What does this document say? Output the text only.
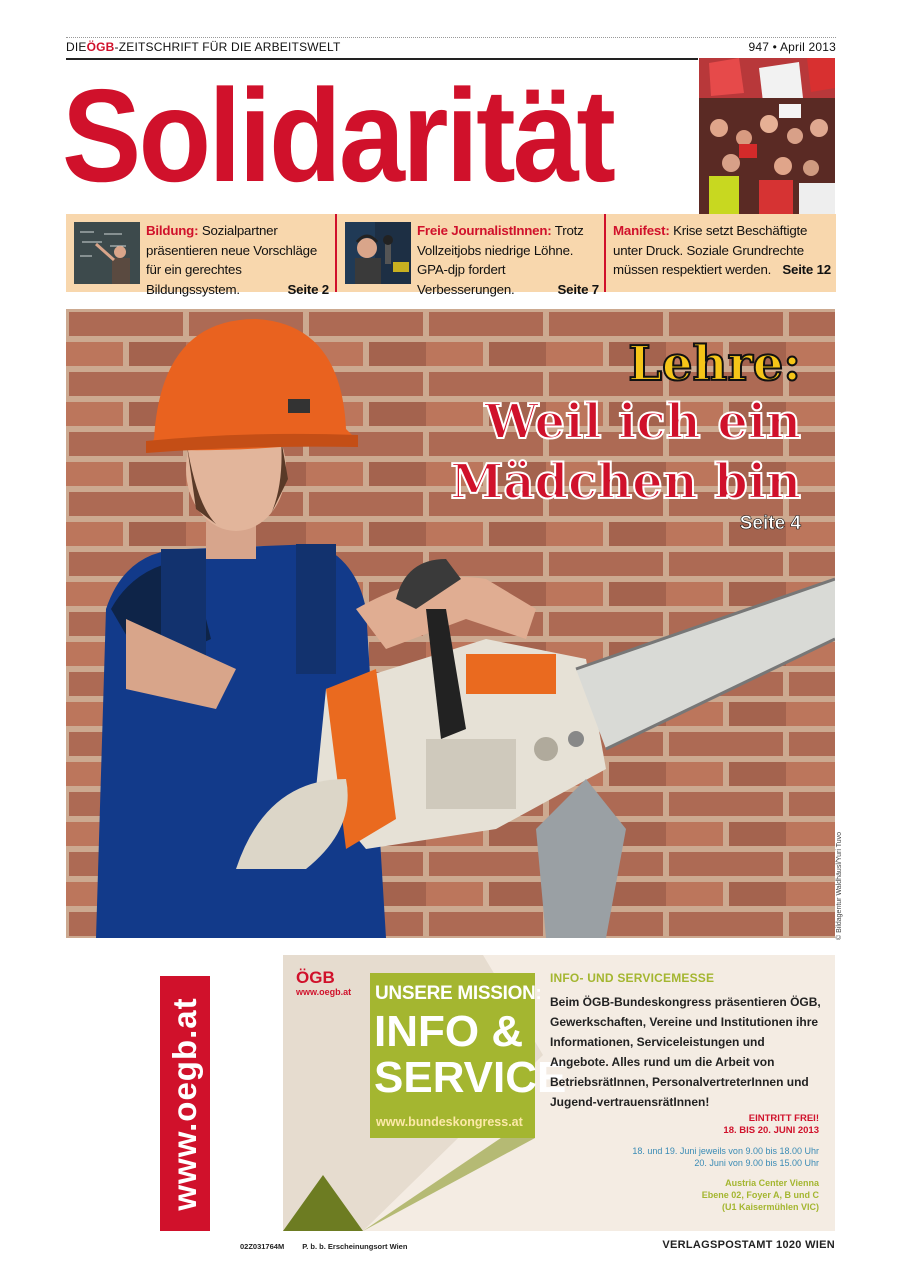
DIEÖGB-ZEITSCHRIFT FÜR DIE ARBEITSWELT	947 • April 2013
Solidarität
Bildung: Sozialpartner präsentieren neue Vorschläge für ein gerechtes Bildungssystem.	Seite 2
Freie JournalistInnen: Trotz Vollzeitjobs niedrige Löhne. GPA-djp fordert Verbesserungen.	Seite 7
Manifest: Krise setzt Beschäftigte unter Druck. Soziale Grundrechte müssen respektiert werden. Seite 12
Lehre:
Weil ich ein
Mädchen bin
Seite 4
© Bildagentur Waldhäusl/Yuri Tuvo
www.oegb.at
ÖGB
www.oegb.at UNSERE MISSION:
INFO &
SERVICE
www.bundeskongress.at
INFO- UND SERVICEMESSE
Beim ÖGB-Bundeskongress präsentieren ÖGB, Gewerkschaften, Vereine und Institutionen ihre Informationen, Serviceleistungen und Angebote. Alles rund um die Arbeit von BetriebsrätInnen, PersonalvertreterInnen und Jugend-vertrauensrätInnen!
EINTRITT FREI!
18. BIS 20. JUNI 2013
18. und 19. Juni jeweils von 9.00 bis 18.00 Uhr
20. Juni von 9.00 bis 15.00 Uhr
Austria Center Vienna
Ebene 02, Foyer A, B und C
(U1 Kaisermühlen VIC)
02Z031764M P. b. b. Erscheinungsort Wien	VERLAGSPOSTAMT 1020 WIEN
